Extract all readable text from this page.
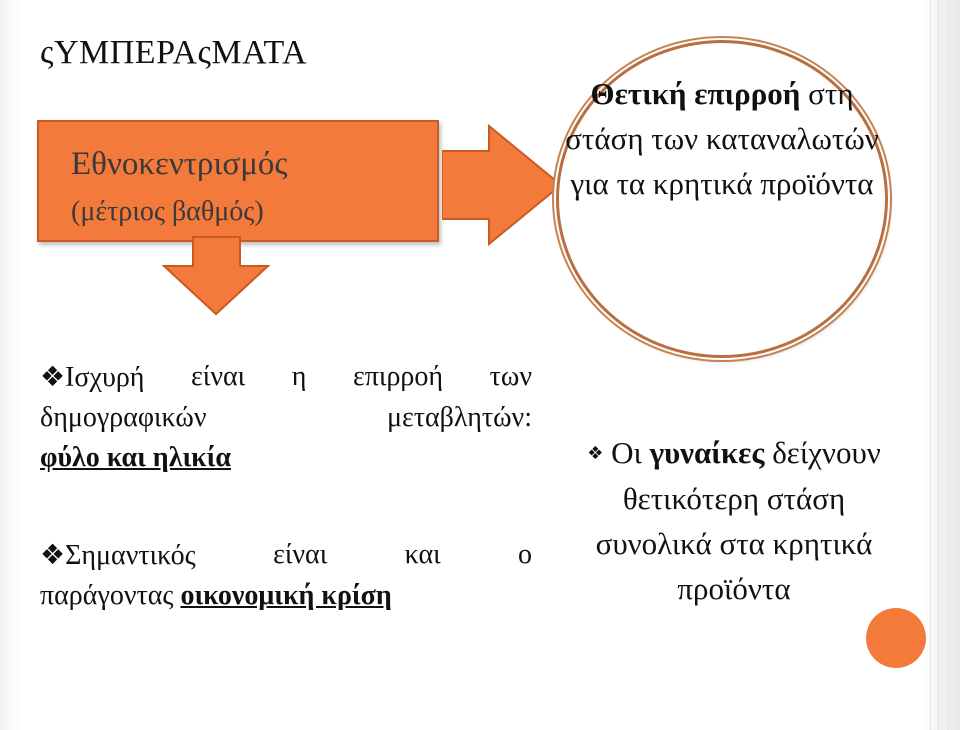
ςΥΜΠΕΡΑςΜΑΤΑ
Εθνοκεντρισμός
(μέτριος βαθμός)
Θετική επιρροή στη στάση των καταναλωτών για τα κρητικά προϊόντα
❖Ισχυρή είναι η επιρροή των
δημογραφικών	μεταβλητών:
φύλο και ηλικία
❖Σημαντικός	είναι	και	ο
παράγοντας οικονομική κρίση
❖ Οι γυναίκες δείχνουν θετικότερη στάση συνολικά στα κρητικά προϊόντα
